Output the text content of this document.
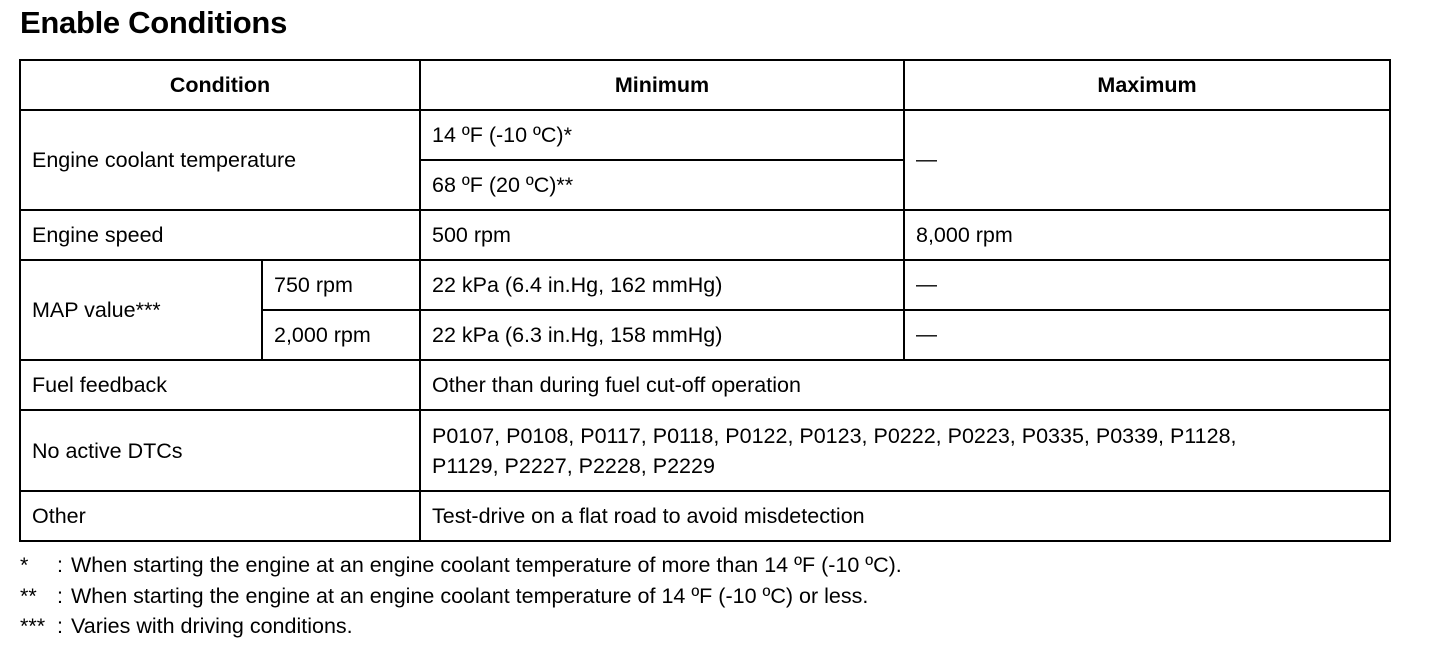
Enable Conditions
Condition		Minimum	Maximum
Engine coolant temperature		14 ºF (-10 ºC)*	—
		68 ºF (20 ºC)**	
Engine speed		500 rpm	8,000 rpm
MAP value***	750 rpm	22 kPa (6.4 in.Hg, 162 mmHg)	—
	2,000 rpm	22 kPa (6.3 in.Hg, 158 mmHg)	—
Fuel feedback		Other than during fuel cut-off operation	
No active DTCs		P0107, P0108, P0117, P0118, P0122, P0123, P0222, P0223, P0335, P0339, P1128,
P1129, P2227, P2228, P2229	

Other		Test-drive on a flat road to avoid misdetection	
*	: When starting the engine at an engine coolant temperature of more than 14 ºF (-10 ºC).
** : When starting the engine at an engine coolant temperature of 14 ºF (-10 ºC) or less.
*** : Varies with driving conditions.
